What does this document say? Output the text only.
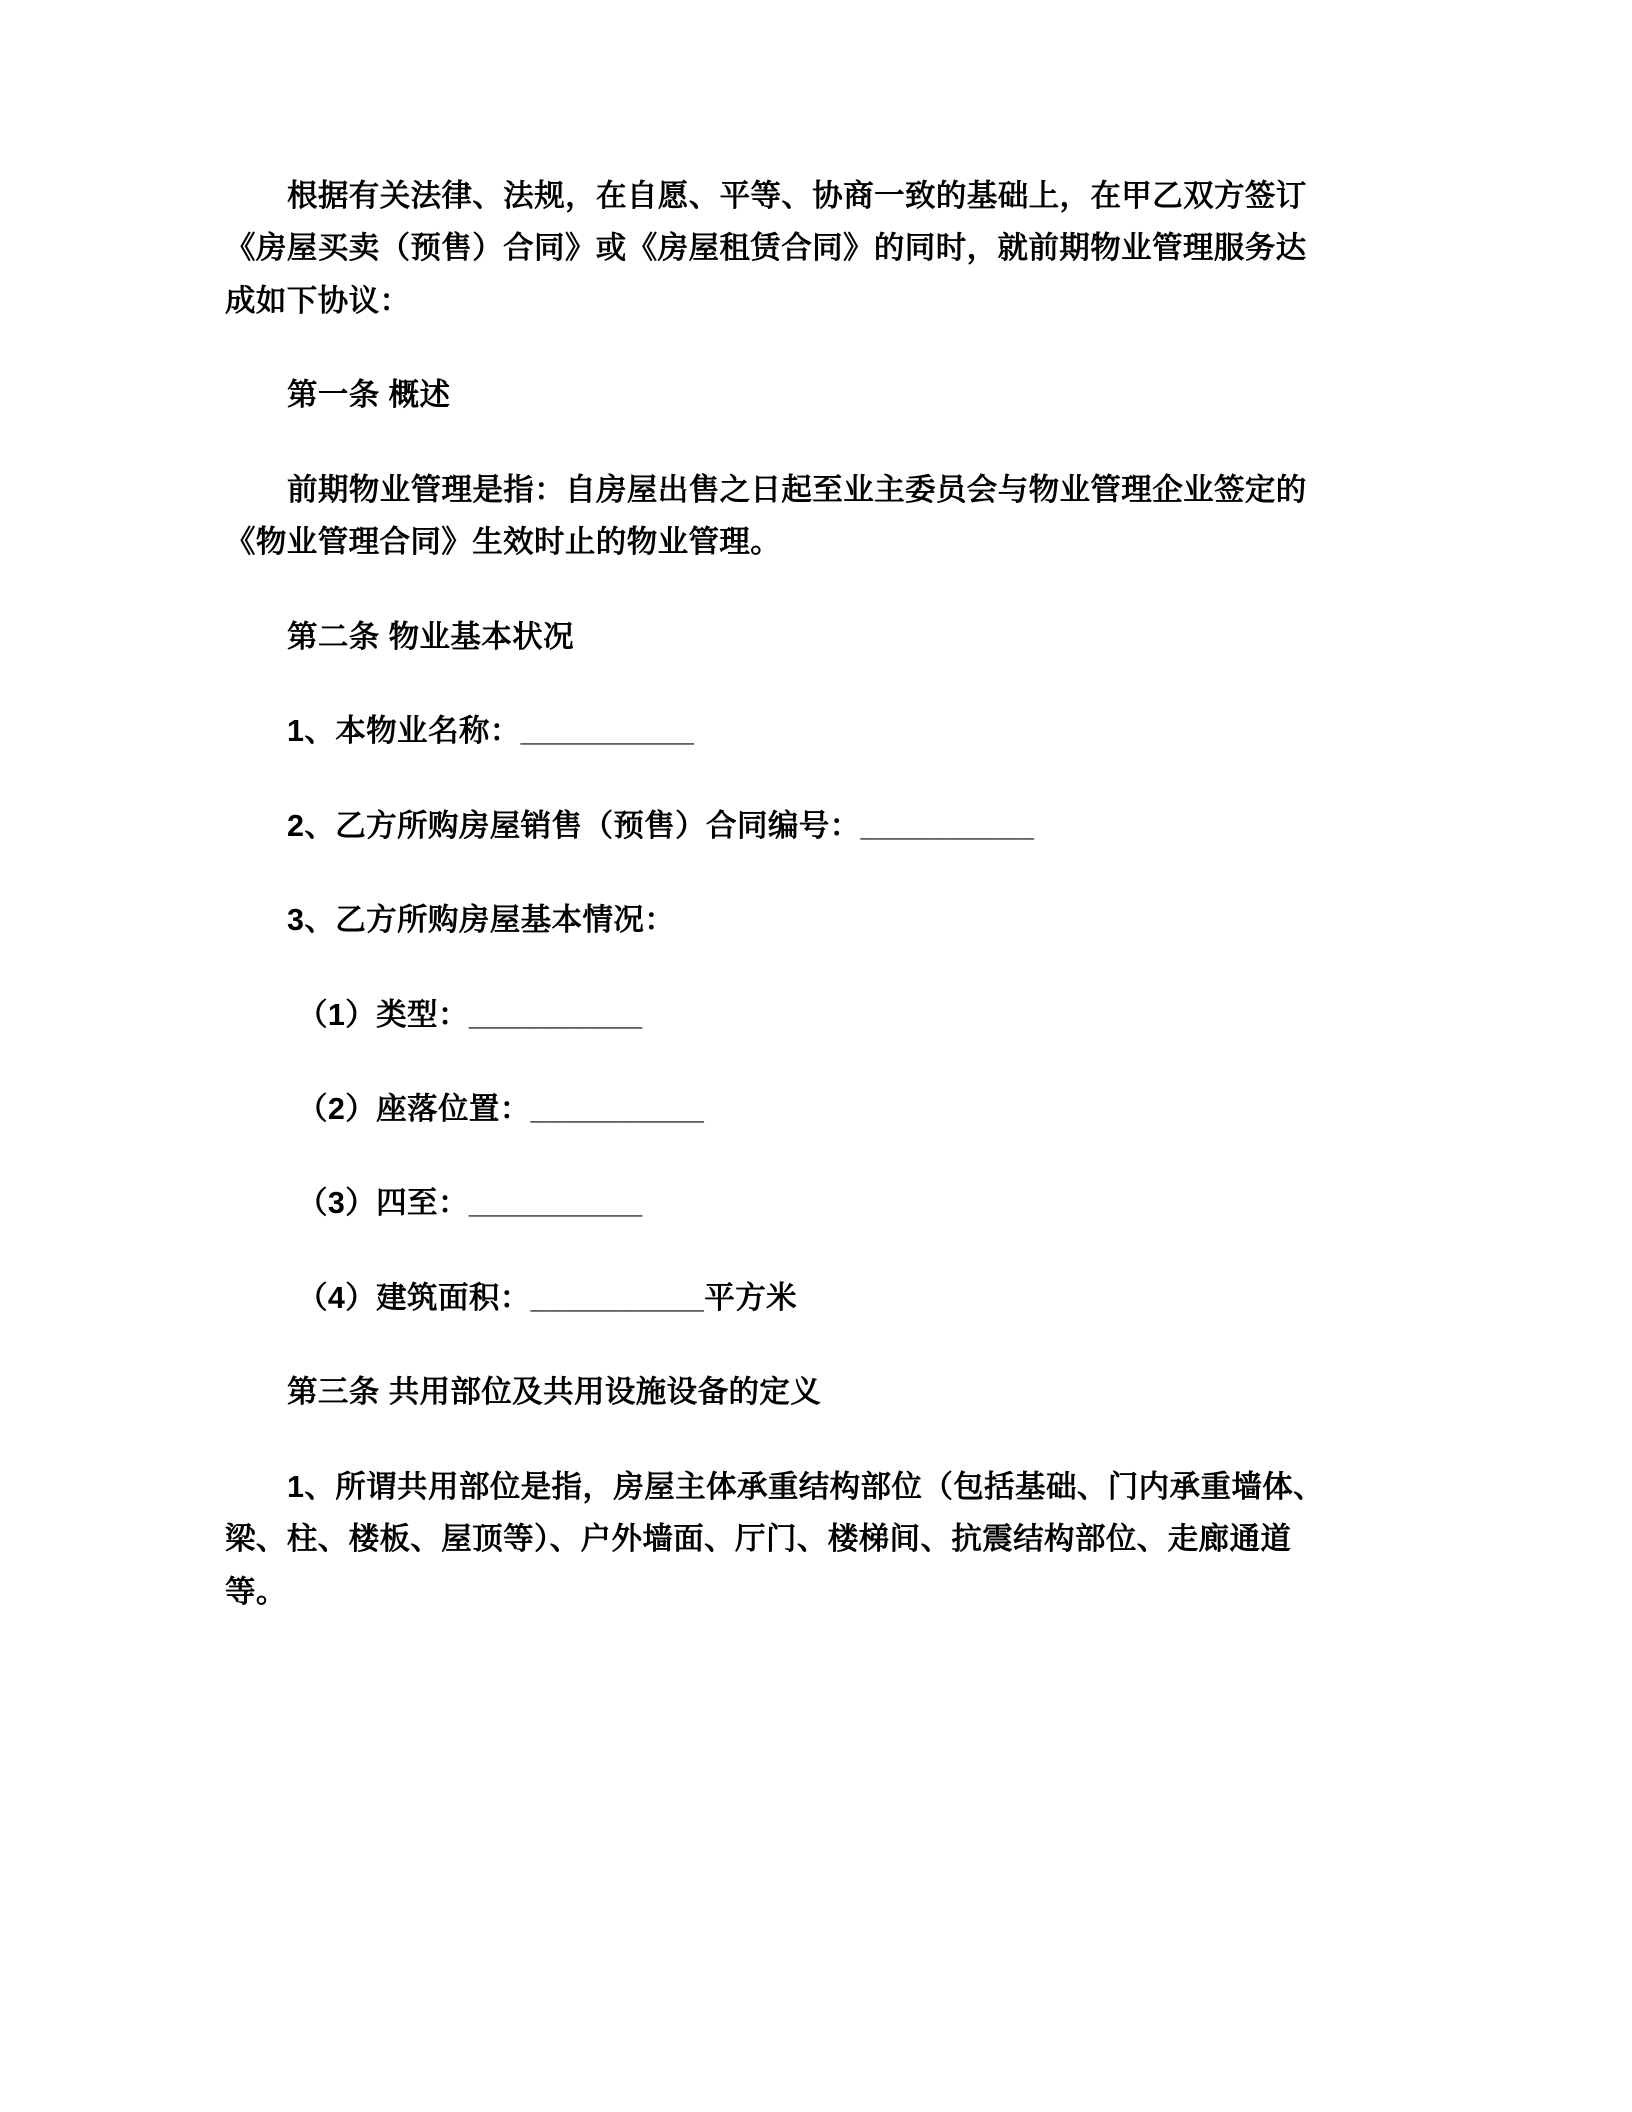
根据有关法律、法规，在自愿、平等、协商一致的基础上，在甲乙双方签订《房屋买卖（预售）合同》或《房屋租赁合同》的同时，就前期物业管理服务达成如下协议：

第一条 概述

前期物业管理是指：自房屋出售之日起至业主委员会与物业管理企业签定的《物业管理合同》生效时止的物业管理。

第二条 物业基本状况

1、本物业名称：__________

2、乙方所购房屋销售（预售）合同编号：__________

3、乙方所购房屋基本情况：

（1）类型：__________

（2）座落位置：__________

（3）四至：__________

（4）建筑面积：__________平方米

第三条 共用部位及共用设施设备的定义

1、所谓共用部位是指，房屋主体承重结构部位（包括基础、门内承重墙体、梁、柱、楼板、屋顶等）、户外墙面、厅门、楼梯间、抗震结构部位、走廊通道等。
